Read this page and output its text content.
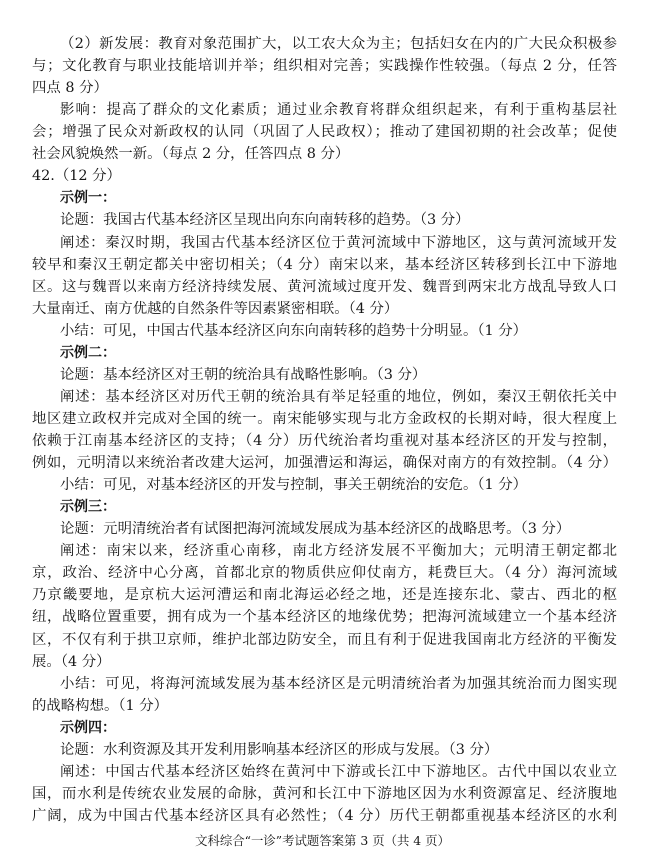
（2）新发展：教育对象范围扩大，以工农大众为主；包括妇女在内的广大民众积极参
与；文化教育与职业技能培训并举；组织相对完善；实践操作性较强。（每点 2 分，任答
四点 8 分）
影响：提高了群众的文化素质；通过业余教育将群众组织起来，有利于重构基层社
会；增强了民众对新政权的认同（巩固了人民政权）；推动了建国初期的社会改革；促使
社会风貌焕然一新。（每点 2 分，任答四点 8 分）
42.（12 分）
示例一：
论题：我国古代基本经济区呈现出向东向南转移的趋势。（3 分）
阐述：秦汉时期，我国古代基本经济区位于黄河流域中下游地区，这与黄河流域开发
较早和秦汉王朝定都关中密切相关；（4 分）南宋以来，基本经济区转移到长江中下游地
区。这与魏晋以来南方经济持续发展、黄河流域过度开发、魏晋到两宋北方战乱导致人口
大量南迁、南方优越的自然条件等因素紧密相联。（4 分）
小结：可见，中国古代基本经济区向东向南转移的趋势十分明显。（1 分）
示例二：
论题：基本经济区对王朝的统治具有战略性影响。（3 分）
阐述：基本经济区对历代王朝的统治具有举足轻重的地位，例如，秦汉王朝依托关中
地区建立政权并完成对全国的统一。南宋能够实现与北方金政权的长期对峙，很大程度上
依赖于江南基本经济区的支持；（4 分）历代统治者均重视对基本经济区的开发与控制，
例如，元明清以来统治者改建大运河，加强漕运和海运，确保对南方的有效控制。（4 分）
小结：可见，对基本经济区的开发与控制，事关王朝统治的安危。（1 分）
示例三：
论题：元明清统治者有试图把海河流域发展成为基本经济区的战略思考。（3 分）
阐述：南宋以来，经济重心南移，南北方经济发展不平衡加大；元明清王朝定都北
京，政治、经济中心分离，首都北京的物质供应仰仗南方，耗费巨大。（4 分）海河流域
乃京畿要地，是京杭大运河漕运和南北海运必经之地，还是连接东北、蒙古、西北的枢
纽，战略位置重要，拥有成为一个基本经济区的地缘优势；把海河流域建立一个基本经济
区，不仅有利于拱卫京师，维护北部边防安全，而且有利于促进我国南北方经济的平衡发
展。（4 分）
小结：可见，将海河流域发展为基本经济区是元明清统治者为加强其统治而力图实现
的战略构想。（1 分）
示例四：
论题：水利资源及其开发利用影响基本经济区的形成与发展。（3 分）
阐述：中国古代基本经济区始终在黄河中下游或长江中下游地区。古代中国以农业立
国，而水利是传统农业发展的命脉，黄河和长江中下游地区因为水利资源富足、经济腹地
广阔，成为中国古代基本经济区具有必然性；（4 分）历代王朝都重视基本经济区的水利
文科综合“一诊”考试题答案第 3 页（共 4 页）
